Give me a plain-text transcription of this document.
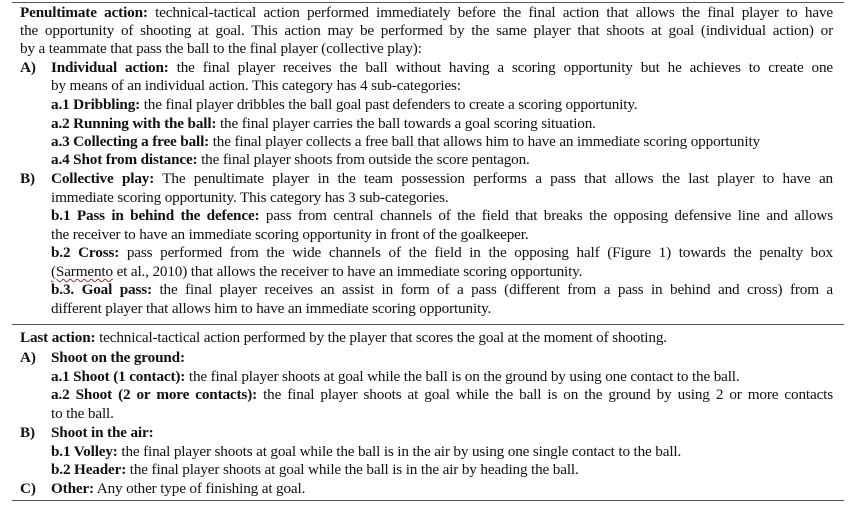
Penultimate action: technical-tactical action performed immediately before the final action that allows the final player to have
the opportunity of shooting at goal. This action may be performed by the same player that shoots at goal (individual action) or
by a teammate that pass the ball to the final player (collective play):
A) Individual action: the final player receives the ball without having a scoring opportunity but he achieves to create one
by means of an individual action. This category has 4 sub-categories:
a.1 Dribbling: the final player dribbles the ball goal past defenders to create a scoring opportunity.
a.2 Running with the ball: the final player carries the ball towards a goal scoring situation.
a.3 Collecting a free ball: the final player collects a free ball that allows him to have an immediate scoring opportunity
a.4 Shot from distance: the final player shoots from outside the score pentagon.
B) Collective play: The penultimate player in the team possession performs a pass that allows the last player to have an
immediate scoring opportunity. This category has 3 sub-categories.
b.1 Pass in behind the defence: pass from central channels of the field that breaks the opposing defensive line and allows
the receiver to have an immediate scoring opportunity in front of the goalkeeper.
b.2 Cross: pass performed from the wide channels of the field in the opposing half (Figure 1) towards the penalty box
(Sarmento et al., 2010) that allows the receiver to have an immediate scoring opportunity.
b.3. Goal pass: the final player receives an assist in form of a pass (different from a pass in behind and cross) from a
different player that allows him to have an immediate scoring opportunity.
Last action: technical-tactical action performed by the player that scores the goal at the moment of shooting.
A) Shoot on the ground:
a.1 Shoot (1 contact): the final player shoots at goal while the ball is on the ground by using one contact to the ball.
a.2 Shoot (2 or more contacts): the final player shoots at goal while the ball is on the ground by using 2 or more contacts
to the ball.
B) Shoot in the air:
b.1 Volley: the final player shoots at goal while the ball is in the air by using one single contact to the ball.
b.2 Header: the final player shoots at goal while the ball is in the air by heading the ball.
C) Other: Any other type of finishing at goal.
